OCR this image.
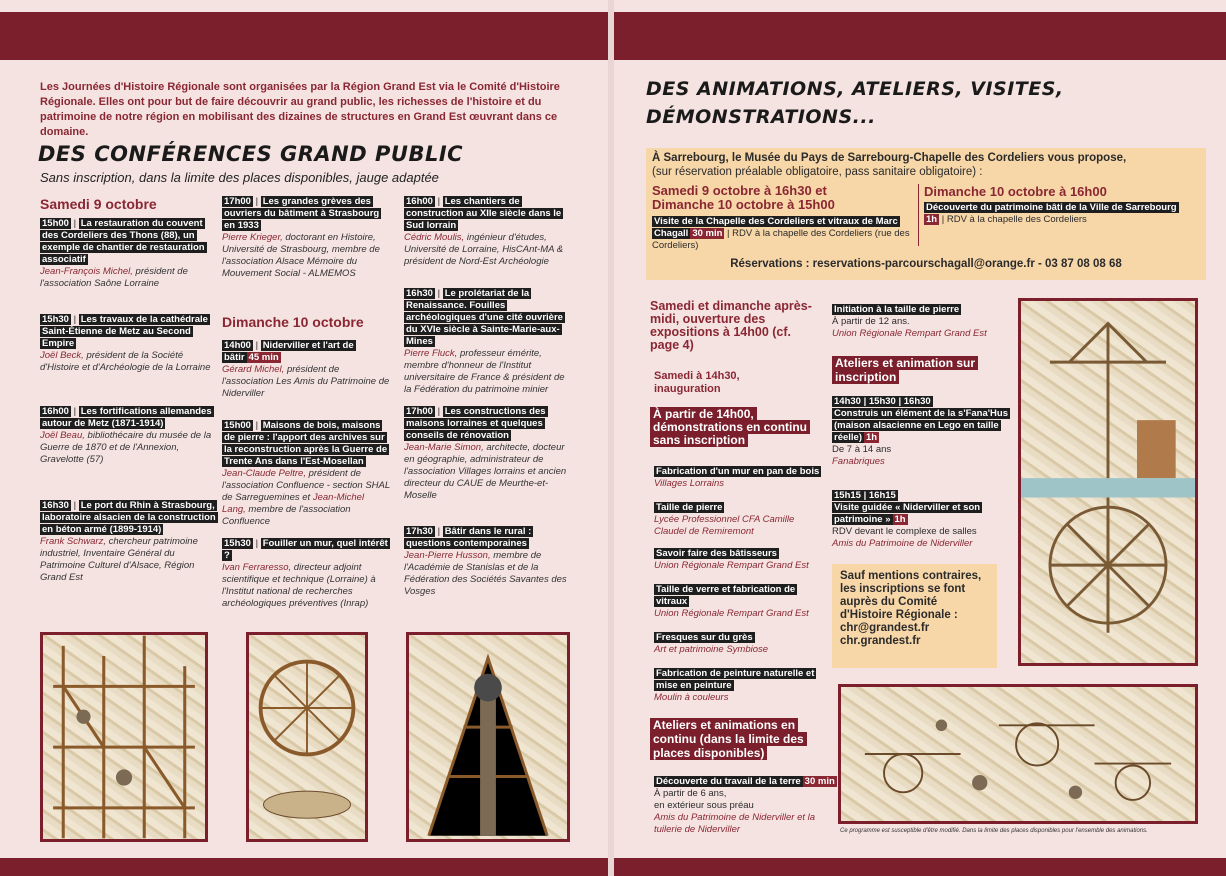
Les Journées d'Histoire Régionale sont organisées par la Région Grand Est via le Comité d'Histoire Régionale. Elles ont pour but de faire découvrir au grand public, les richesses de l'histoire et du patrimoine de notre région en mobilisant des dizaines de structures en Grand Est œuvrant dans ce domaine.
DES CONFÉRENCES GRAND PUBLIC
Sans inscription, dans la limite des places disponibles, jauge adaptée
Samedi 9 octobre
Dimanche 10 octobre
15h00 | La restauration du couvent des Cordeliers des Thons (88), un exemple de chantier de restauration associatif
Jean-François Michel, président de l'association Saône Lorraine
15h30 | Les travaux de la cathédrale Saint-Étienne de Metz au Second Empire
Joël Beck, président de la Société d'Histoire et d'Archéologie de la Lorraine
16h00 | Les fortifications allemandes autour de Metz (1871-1914)
Joël Beau, bibliothécaire du musée de la Guerre de 1870 et de l'Annexion, Gravelotte (57)
16h30 | Le port du Rhin à Strasbourg, laboratoire alsacien de la construction en béton armé (1899-1914)
Frank Schwarz, chercheur patrimoine industriel, Inventaire Général du Patrimoine Culturel d'Alsace, Région Grand Est
17h00 | Les grandes grèves des ouvriers du bâtiment à Strasbourg en 1933
Pierre Krieger, doctorant en Histoire, Université de Strasbourg, membre de l'association Alsace Mémoire du Mouvement Social - ALMEMOS
14h00 | Niderviller et l'art de bâtir 45 min
Gérard Michel, président de l'association Les Amis du Patrimoine de Niderviller
15h00 | Maisons de bois, maisons de pierre : l'apport des archives sur la reconstruction après la Guerre de Trente Ans dans l'Est-Mosellan
Jean-Claude Peltre, président de l'association Confluence - section SHAL de Sarreguemines et Jean-Michel Lang, membre de l'association Confluence
15h30 | Fouiller un mur, quel intérêt ?
Ivan Ferraresso, directeur adjoint scientifique et technique (Lorraine) à l'Institut national de recherches archéologiques préventives (Inrap)
16h00 | Les chantiers de construction au XIIe siècle dans le Sud lorrain
Cédric Moulis, ingénieur d'études, Université de Lorraine, HisCAnt-MA & président de Nord-Est Archéologie
16h30 | Le prolétariat de la Renaissance. Fouilles archéologiques d'une cité ouvrière du XVIe siècle à Sainte-Marie-aux-Mines
Pierre Fluck, professeur émérite, membre d'honneur de l'Institut universitaire de France & président de la Fédération du patrimoine minier
17h00 | Les constructions des maisons lorraines et quelques conseils de rénovation
Jean-Marie Simon, architecte, docteur en géographie, administrateur de l'association Villages lorrains et ancien directeur du CAUE de Meurthe-et-Moselle
17h30 | Bâtir dans le rural : questions contemporaines
Jean-Pierre Husson, membre de l'Académie de Stanislas et de la Fédération des Sociétés Savantes des Vosges
DES ANIMATIONS, ATELIERS, VISITES,
DÉMONSTRATIONS...
À Sarrebourg, le Musée du Pays de Sarrebourg-Chapelle des Cordeliers vous propose,
(sur réservation préalable obligatoire, pass sanitaire obligatoire) :
Samedi 9 octobre à 16h30 et
Dimanche 10 octobre à 15h00
Visite de la Chapelle des Cordeliers et vitraux de Marc Chagall 30 min | RDV à la chapelle des Cordeliers (rue des Cordeliers)
Dimanche 10 octobre à 16h00
Découverte du patrimoine bâti de la Ville de Sarrebourg
1h | RDV à la chapelle des Cordeliers
Réservations : reservations-parcourschagall@orange.fr - 03 87 08 08 68
Samedi et dimanche après-midi, ouverture des expositions à 14h00 (cf. page 4)
Samedi à 14h30, inauguration
À partir de 14h00, démonstrations en continu sans inscription
Fabrication d'un mur en pan de bois
Villages Lorrains
Taille de pierre
Lycée Professionnel CFA Camille Claudel de Remiremont
Savoir faire des bâtisseurs
Union Régionale Rempart Grand Est
Taille de verre et fabrication de vitraux
Union Régionale Rempart Grand Est
Fresques sur du grès
Art et patrimoine Symbiose
Fabrication de peinture naturelle et mise en peinture
Moulin à couleurs
Ateliers et animations en continu (dans la limite des places disponibles)
Découverte du travail de la terre 30 min
À partir de 6 ans,
en extérieur sous préau
Amis du Patrimoine de Niderviller et la tuilerie de Niderviller
Initiation à la taille de pierre
À partir de 12 ans.
Union Régionale Rempart Grand Est
Ateliers et animation sur inscription
14h30 | 15h30 | 16h30
Construis un élément de la s'Fana'Hus (maison alsacienne en Lego en taille réelle) 1h
De 7 à 14 ans
Fanabriques
15h15 | 16h15
Visite guidée « Niderviller et son patrimoine » 1h
RDV devant le complexe de salles
Amis du Patrimoine de Niderviller
Sauf mentions contraires, les inscriptions se font auprès du Comité d'Histoire Régionale :
chr@grandest.fr
chr.grandest.fr
Ce programme est susceptible d'être modifié. Dans la limite des places disponibles pour l'ensemble des animations.
